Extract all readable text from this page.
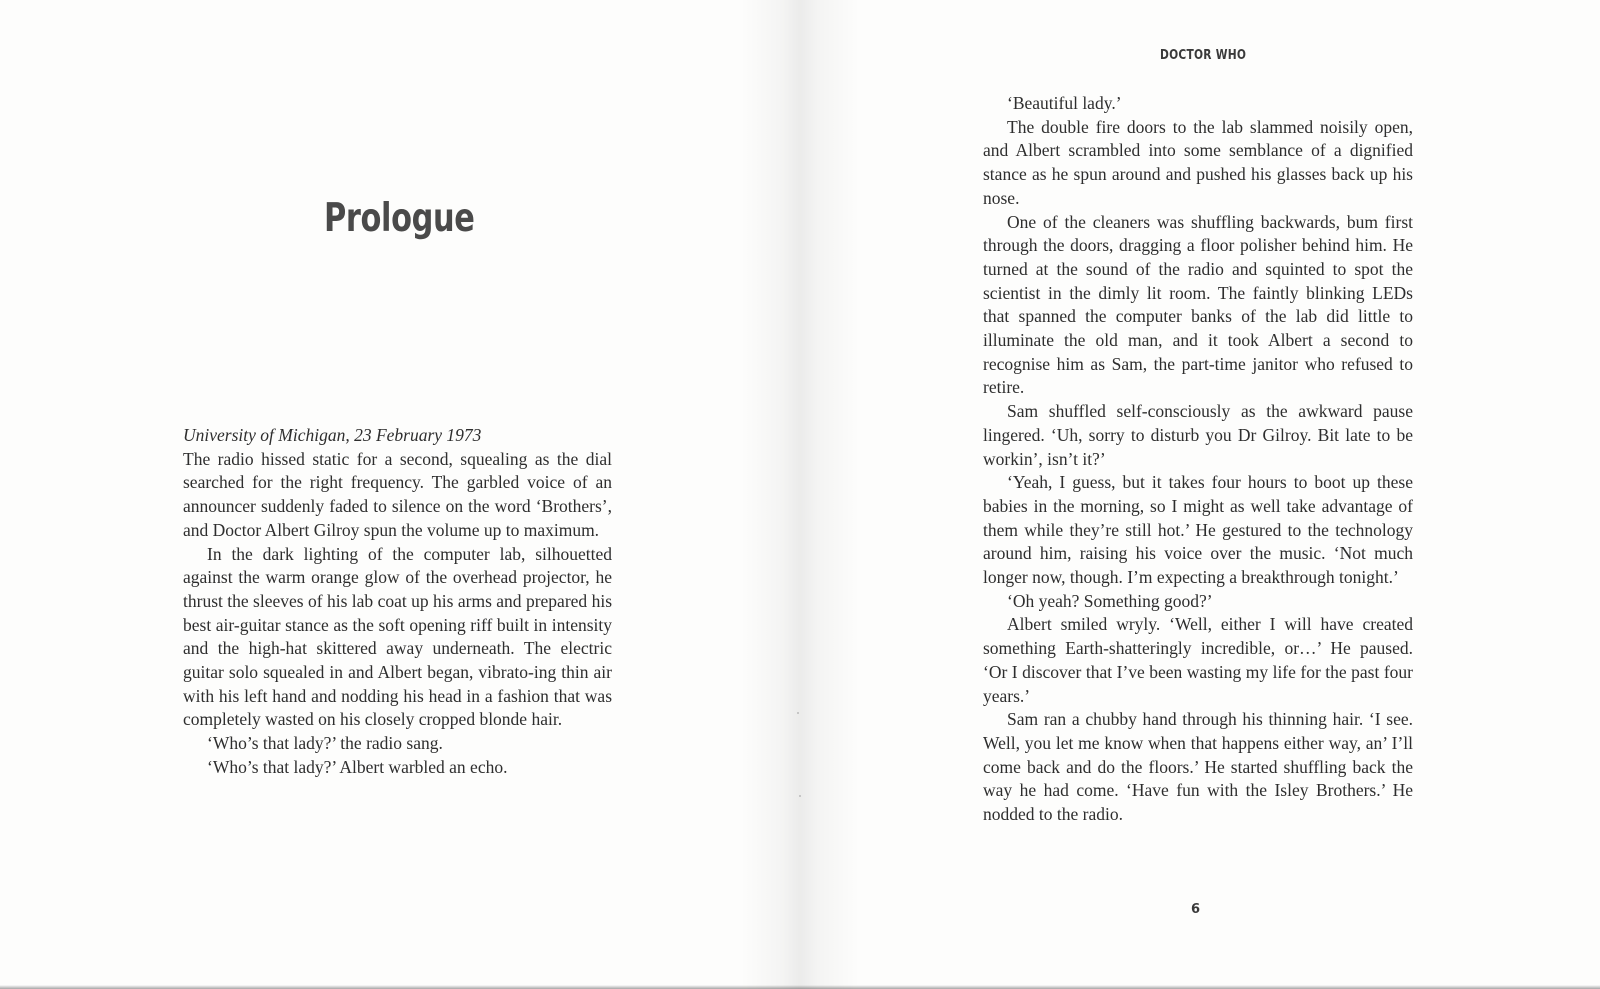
Prologue

University of Michigan, 23 February 1973

The radio hissed static for a second, squealing as the dial searched for the right frequency. The garbled voice of an announcer suddenly faded to silence on the word ‘Brothers’, and Doctor Albert Gilroy spun the volume up to maximum.

In the dark lighting of the computer lab, silhouetted against the warm orange glow of the overhead projector, he thrust the sleeves of his lab coat up his arms and prepared his best air-guitar stance as the soft opening riff built in intensity and the high-hat skittered away underneath. The electric guitar solo squealed in and Albert began, vibrato-ing thin air with his left hand and nodding his head in a fashion that was completely wasted on his closely cropped blonde hair.

‘Who’s that lady?’ the radio sang.

‘Who’s that lady?’ Albert warbled an echo.

DOCTOR WHO

‘Beautiful lady.’

The double fire doors to the lab slammed noisily open, and Albert scrambled into some semblance of a dignified stance as he spun around and pushed his glasses back up his nose.

One of the cleaners was shuffling backwards, bum first through the doors, dragging a floor polisher behind him. He turned at the sound of the radio and squinted to spot the scientist in the dimly lit room. The faintly blinking LEDs that spanned the computer banks of the lab did little to illuminate the old man, and it took Albert a second to recognise him as Sam, the part-time janitor who refused to retire.

Sam shuffled self-consciously as the awkward pause lingered. ‘Uh, sorry to disturb you Dr Gilroy. Bit late to be workin’, isn’t it?’

‘Yeah, I guess, but it takes four hours to boot up these babies in the morning, so I might as well take advantage of them while they’re still hot.’ He gestured to the technology around him, raising his voice over the music. ‘Not much longer now, though. I’m expecting a breakthrough tonight.’

‘Oh yeah? Something good?’

Albert smiled wryly. ‘Well, either I will have created something Earth-shatteringly incredible, or…’ He paused. ‘Or I discover that I’ve been wasting my life for the past four years.’

Sam ran a chubby hand through his thinning hair. ‘I see. Well, you let me know when that happens either way, an’ I’ll come back and do the floors.’ He started shuffling back the way he had come. ‘Have fun with the Isley Brothers.’ He nodded to the radio.

6
